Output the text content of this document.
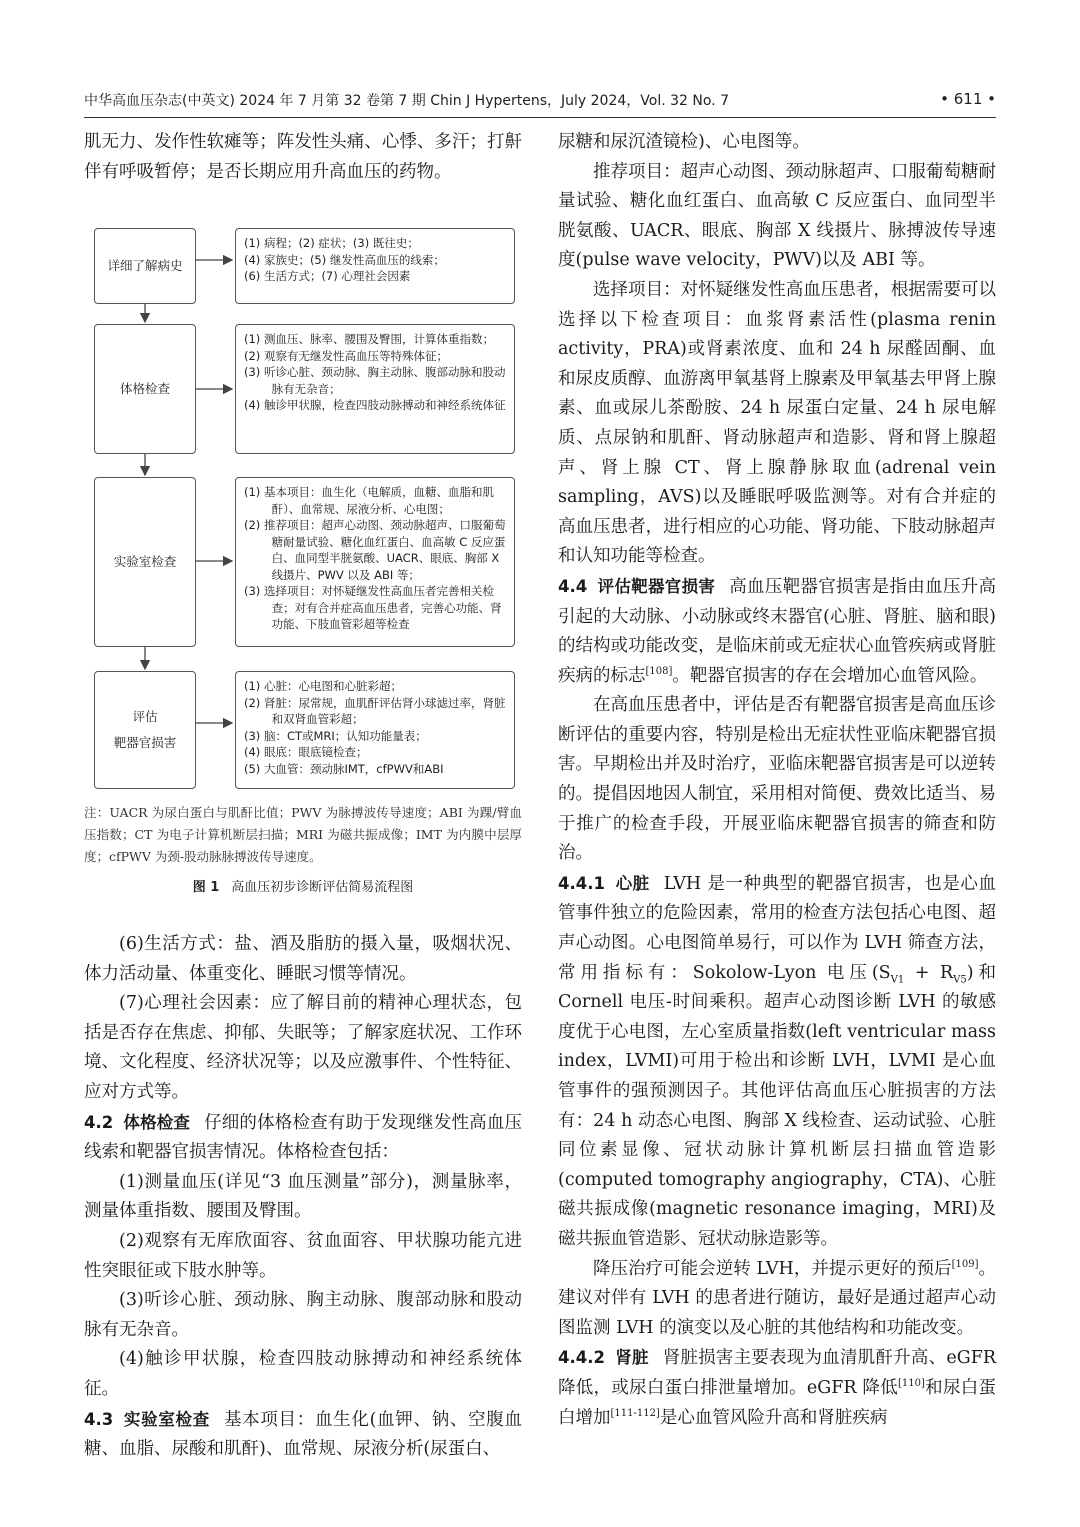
中华高血压杂志(中英文) 2024 年 7 月第 32 卷第 7 期 Chin J Hypertens，July 2024，Vol. 32 No. 7	• 611 •

肌无力、发作性软瘫等；阵发性头痛、心悸、多汗；打鼾伴有呼吸暂停；是否长期应用升高血压的药物。

详细了解病史
(1) 病程；(2) 症状；(3) 既往史；
(4) 家族史；(5) 继发性高血压的线索；
(6) 生活方式；(7) 心理社会因素
体格检查
(1) 测血压、脉率、腰围及臀围，计算体重指数；
(2) 观察有无继发性高血压等特殊体征；
(3) 听诊心脏、颈动脉、胸主动脉、腹部动脉和股动脉有无杂音；
(4) 触诊甲状腺，检查四肢动脉搏动和神经系统体征
实验室检查
(1) 基本项目：血生化（电解质，血糖、血脂和肌酐）、血常规、尿液分析、心电图；
(2) 推荐项目：超声心动图、颈动脉超声、口服葡萄糖耐量试验、糖化血红蛋白、血高敏 C 反应蛋白、血同型半胱氨酸、UACR、眼底、胸部 X 线摄片、PWV 以及 ABI 等；
(3) 选择项目：对怀疑继发性高血压者完善相关检查；对有合并症高血压患者，完善心功能、肾功能、下肢血管彩超等检查
评估
靶器官损害
(1) 心脏：心电图和心脏彩超；
(2) 肾脏：尿常规，血肌酐评估肾小球滤过率，肾脏和双肾血管彩超；
(3) 脑：CT或MRI；认知功能量表；
(4) 眼底：眼底镜检查；
(5) 大血管：颈动脉IMT，cfPWV和ABI
注：UACR 为尿白蛋白与肌酐比值；PWV 为脉搏波传导速度；ABI 为踝/臂血压指数；CT 为电子计算机断层扫描；MRI 为磁共振成像；IMT 为内膜中层厚度；cfPWV 为颈-股动脉脉搏波传导速度。
图 1 高血压初步诊断评估简易流程图

(6)生活方式：盐、酒及脂肪的摄入量，吸烟状况、体力活动量、体重变化、睡眠习惯等情况。

(7)心理社会因素：应了解目前的精神心理状态，包括是否存在焦虑、抑郁、失眠等；了解家庭状况、工作环境、文化程度、经济状况等；以及应激事件、个性特征、应对方式等。

4.2 体格检查 仔细的体格检查有助于发现继发性高血压线索和靶器官损害情况。体格检查包括：

(1)测量血压(详见“3 血压测量”部分)，测量脉率，测量体重指数、腰围及臀围。

(2)观察有无库欣面容、贫血面容、甲状腺功能亢进性突眼征或下肢水肿等。

(3)听诊心脏、颈动脉、胸主动脉、腹部动脉和股动脉有无杂音。

(4)触诊甲状腺，检查四肢动脉搏动和神经系统体征。

4.3 实验室检查 基本项目：血生化(血钾、钠、空腹血糖、血脂、尿酸和肌酐)、血常规、尿液分析(尿蛋白、

尿糖和尿沉渣镜检)、心电图等。

推荐项目：超声心动图、颈动脉超声、口服葡萄糖耐量试验、糖化血红蛋白、血高敏 C 反应蛋白、血同型半胱氨酸、UACR、眼底、胸部 X 线摄片、脉搏波传导速度(pulse wave velocity，PWV)以及 ABI 等。

选择项目：对怀疑继发性高血压患者，根据需要可以选择以下检查项目：血浆肾素活性(plasma renin activity，PRA)或肾素浓度、血和 24 h 尿醛固酮、血和尿皮质醇、血游离甲氧基肾上腺素及甲氧基去甲肾上腺素、血或尿儿茶酚胺、24 h 尿蛋白定量、24 h 尿电解质、点尿钠和肌酐、肾动脉超声和造影、肾和肾上腺超声、肾上腺 CT、肾上腺静脉取血(adrenal vein sampling，AVS)以及睡眠呼吸监测等。对有合并症的高血压患者，进行相应的心功能、肾功能、下肢动脉超声和认知功能等检查。

4.4 评估靶器官损害 高血压靶器官损害是指由血压升高引起的大动脉、小动脉或终末器官(心脏、肾脏、脑和眼)的结构或功能改变，是临床前或无症状心血管疾病或肾脏疾病的标志[108]。靶器官损害的存在会增加心血管风险。

在高血压患者中，评估是否有靶器官损害是高血压诊断评估的重要内容，特别是检出无症状性亚临床靶器官损害。早期检出并及时治疗，亚临床靶器官损害是可以逆转的。提倡因地因人制宜，采用相对简便、费效比适当、易于推广的检查手段，开展亚临床靶器官损害的筛查和防治。

4.4.1 心脏 LVH 是一种典型的靶器官损害，也是心血管事件独立的危险因素，常用的检查方法包括心电图、超声心动图。心电图简单易行，可以作为 LVH 筛查方法，常用指标有：Sokolow-Lyon 电压$(S_{V1} + R_{V5})$和 Cornell 电压-时间乘积。超声心动图诊断 LVH 的敏感度优于心电图，左心室质量指数(left ventricular mass index，LVMI)可用于检出和诊断 LVH，LVMI 是心血管事件的强预测因子。其他评估高血压心脏损害的方法有：24 h 动态心电图、胸部 X 线检查、运动试验、心脏同位素显像、冠状动脉计算机断层扫描血管造影(computed tomography angiography，CTA)、心脏磁共振成像(magnetic resonance imaging，MRI)及磁共振血管造影、冠状动脉造影等。

降压治疗可能会逆转 LVH，并提示更好的预后[109]。建议对伴有 LVH 的患者进行随访，最好是通过超声心动图监测 LVH 的演变以及心脏的其他结构和功能改变。

4.4.2 肾脏 肾脏损害主要表现为血清肌酐升高、eGFR 降低，或尿白蛋白排泄量增加。eGFR 降低[110]和尿白蛋白增加[111-112]是心血管风险升高和肾脏疾病
